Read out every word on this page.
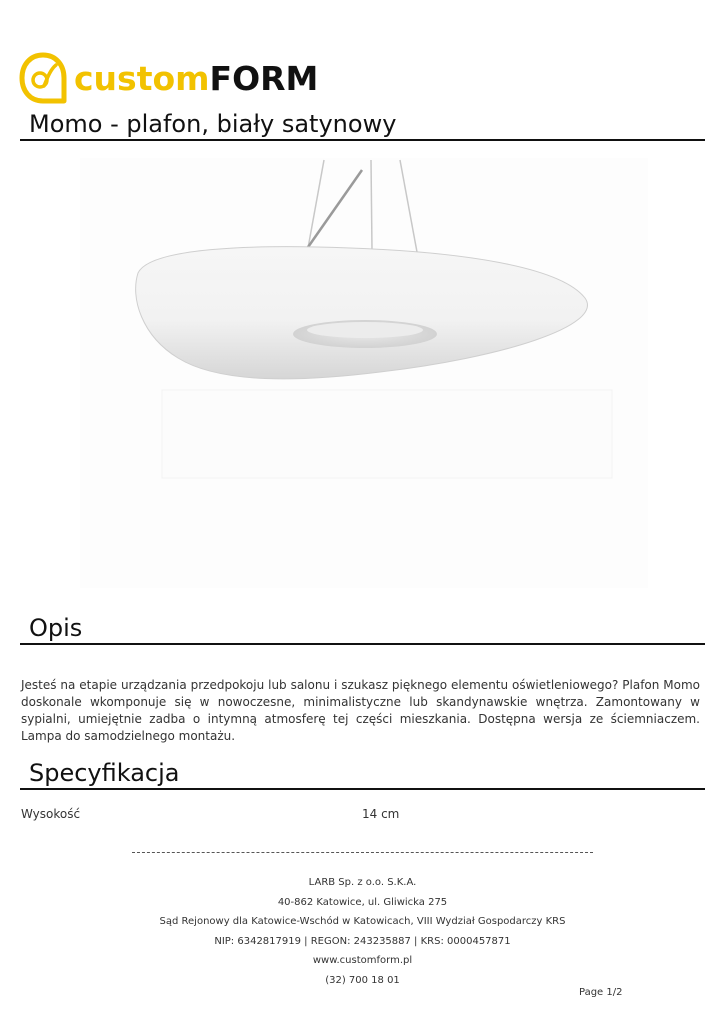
custom FORM
Momo - plafon, biały satynowy
Opis

Jesteś na etapie urządzania przedpokoju lub salonu i szukasz pięknego elementu oświetleniowego? Plafon Momo doskonale wkomponuje się w nowoczesne, minimalistyczne lub skandynawskie wnętrza. Zamontowany w sypialni, umiejętnie zadba o intymną atmosferę tej części mieszkania. Dostępna wersja ze ściemniaczem. Lampa do samodzielnego montażu.

Specyfikacja
Wysokość	14 cm
LARB Sp. z o.o. S.K.A.
40-862 Katowice, ul. Gliwicka 275
Sąd Rejonowy dla Katowice-Wschód w Katowicach, VIII Wydział Gospodarczy KRS
NIP: 6342817919 | REGON: 243235887 | KRS: 0000457871
www.customform.pl
(32) 700 18 01
Page 1/2
